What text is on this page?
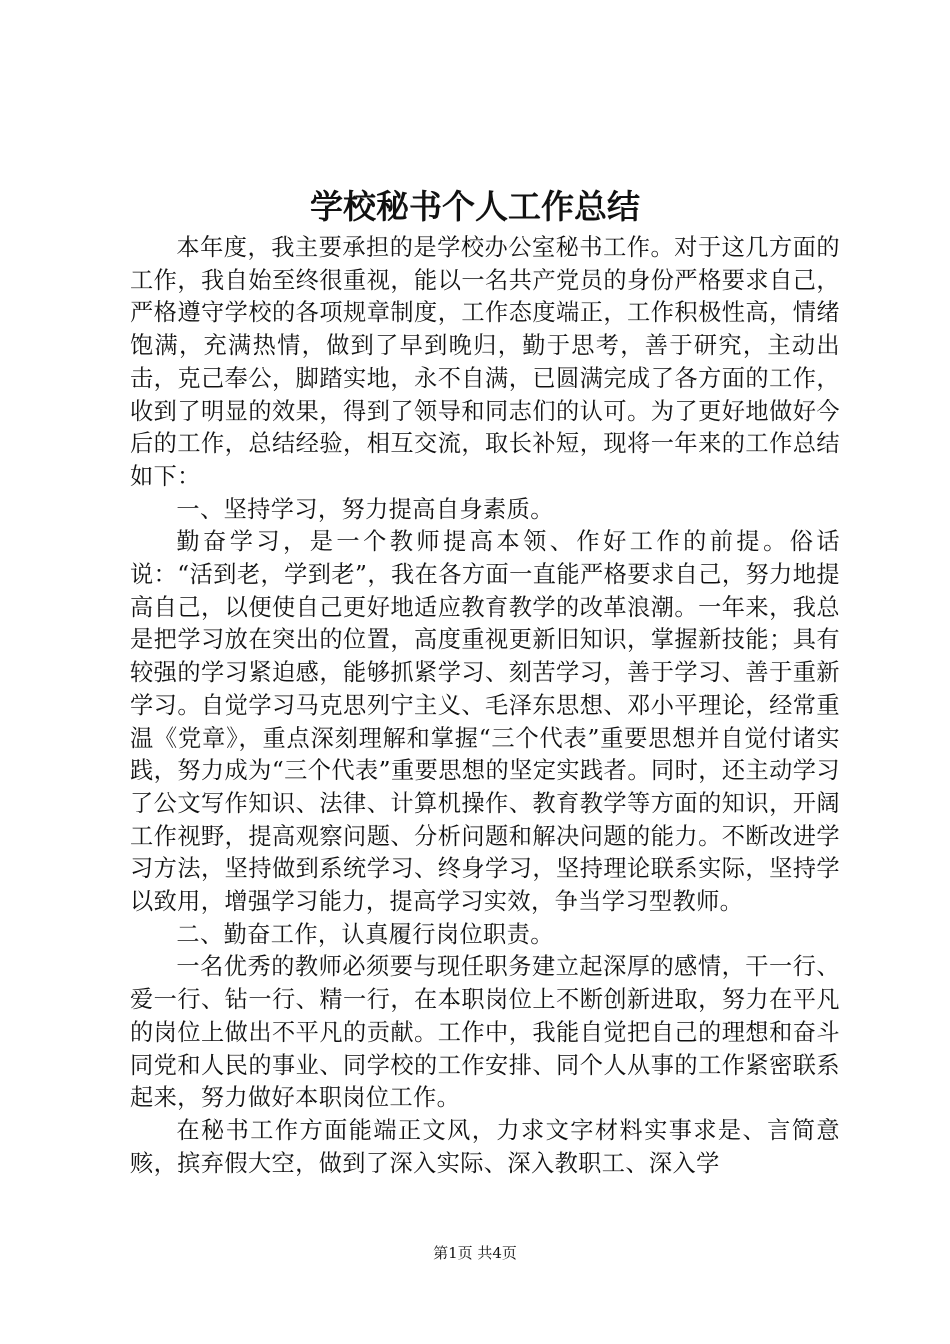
学校秘书个人工作总结

本年度，我主要承担的是学校办公室秘书工作。对于这几方面的工作，我自始至终很重视，能以一名共产党员的身份严格要求自己，严格遵守学校的各项规章制度，工作态度端正，工作积极性高，情绪饱满，充满热情，做到了早到晚归，勤于思考，善于研究，主动出击，克己奉公，脚踏实地，永不自满，已圆满完成了各方面的工作，收到了明显的效果，得到了领导和同志们的认可。为了更好地做好今后的工作，总结经验，相互交流，取长补短，现将一年来的工作总结如下：

一、坚持学习，努力提高自身素质。

勤奋学习，是一个教师提高本领、作好工作的前提。俗话说：“活到老，学到老”，我在各方面一直能严格要求自己，努力地提高自己，以便使自己更好地适应教育教学的改革浪潮。一年来，我总是把学习放在突出的位置，高度重视更新旧知识，掌握新技能；具有较强的学习紧迫感，能够抓紧学习、刻苦学习，善于学习、善于重新学习。自觉学习马克思列宁主义、毛泽东思想、邓小平理论，经常重温《党章》，重点深刻理解和掌握“三个代表”重要思想并自觉付诸实践，努力成为“三个代表”重要思想的坚定实践者。同时，还主动学习了公文写作知识、法律、计算机操作、教育教学等方面的知识，开阔工作视野，提高观察问题、分析问题和解决问题的能力。不断改进学习方法，坚持做到系统学习、终身学习，坚持理论联系实际，坚持学以致用，增强学习能力，提高学习实效，争当学习型教师。

二、勤奋工作，认真履行岗位职责。

一名优秀的教师必须要与现任职务建立起深厚的感情，干一行、爱一行、钻一行、精一行，在本职岗位上不断创新进取，努力在平凡的岗位上做出不平凡的贡献。工作中，我能自觉把自己的理想和奋斗同党和人民的事业、同学校的工作安排、同个人从事的工作紧密联系起来，努力做好本职岗位工作。

在秘书工作方面能端正文风，力求文字材料实事求是、言简意赅，摈弃假大空，做到了深入实际、深入教职工、深入学

第1页 共4页
